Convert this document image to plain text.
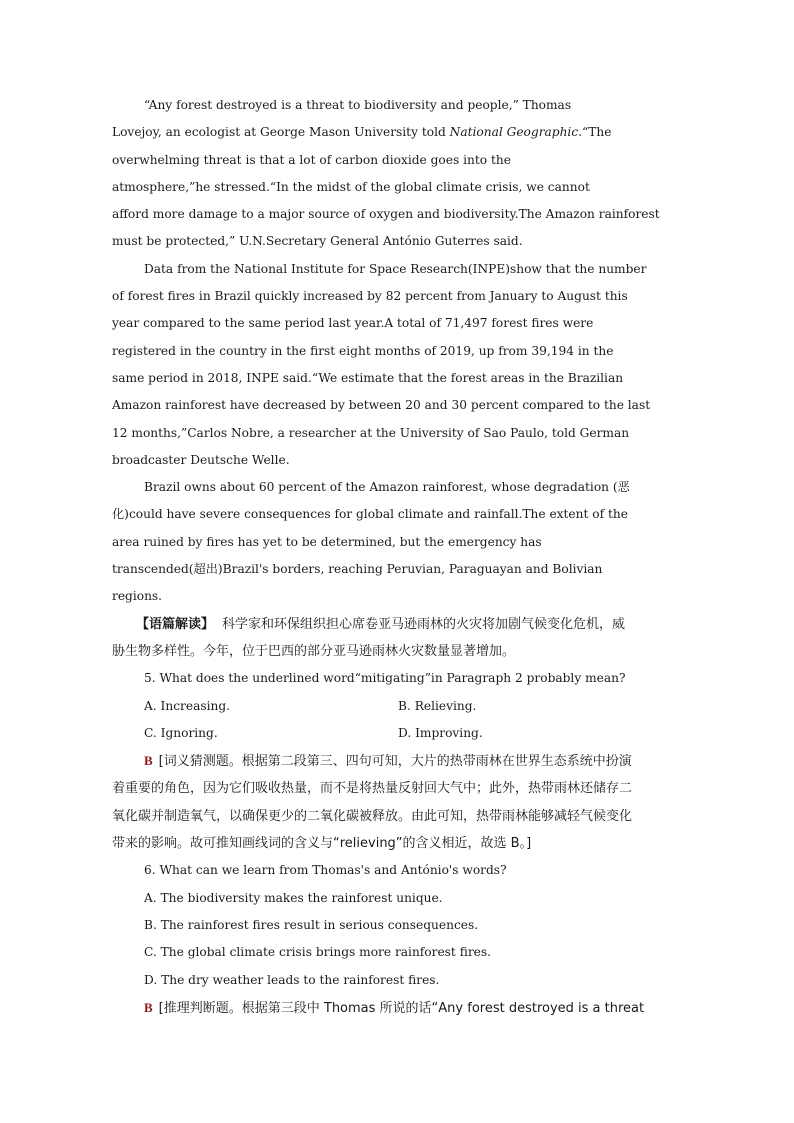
“Any forest destroyed is a threat to biodiversity and people,” Thomas
Lovejoy, an ecologist at George Mason University told National Geographic.“The
overwhelming threat is that a lot of carbon dioxide goes into the
atmosphere,”he stressed.“In the midst of the global climate crisis, we cannot
afford more damage to a major source of oxygen and biodiversity.The Amazon rainforest
must be protected,” U.N.Secretary General António Guterres said.
Data from the National Institute for Space Research(INPE)show that the number
of forest fires in Brazil quickly increased by 82 percent from January to August this
year compared to the same period last year.A total of 71,497 forest fires were
registered in the country in the first eight months of 2019, up from 39,194 in the
same period in 2018, INPE said.“We estimate that the forest areas in the Brazilian
Amazon rainforest have decreased by between 20 and 30 percent compared to the last
12 months,”Carlos Nobre, a researcher at the University of Sao Paulo, told German
broadcaster Deutsche Welle.
Brazil owns about 60 percent of the Amazon rainforest, whose degradation (恶
化)could have severe consequences for global climate and rainfall.The extent of the
area ruined by fires has yet to be determined, but the emergency has
transcended(超出)Brazil's borders, reaching Peruvian, Paraguayan and Bolivian
regions.
【语篇解读】 科学家和环保组织担心席卷亚马逊雨林的火灾将加剧气候变化危机，威
胁生物多样性。今年，位于巴西的部分亚马逊雨林火灾数量显著增加。
5. What does the underlined word“mitigating”in Paragraph 2 probably mean?
A. Increasing.	B. Relieving.
C. Ignoring.	D. Improving.
B [词义猜测题。根据第二段第三、四句可知，大片的热带雨林在世界生态系统中扮演
着重要的角色，因为它们吸收热量，而不是将热量反射回大气中；此外，热带雨林还储存二
氧化碳并制造氧气，以确保更少的二氧化碳被释放。由此可知，热带雨林能够减轻气候变化
带来的影响。故可推知画线词的含义与“relieving”的含义相近，故选 B。]
6. What can we learn from Thomas's and António's words?
A. The biodiversity makes the rainforest unique.
B. The rainforest fires result in serious consequences.
C. The global climate crisis brings more rainforest fires.
D. The dry weather leads to the rainforest fires.
B [推理判断题。根据第三段中 Thomas 所说的话“Any forest destroyed is a threat
